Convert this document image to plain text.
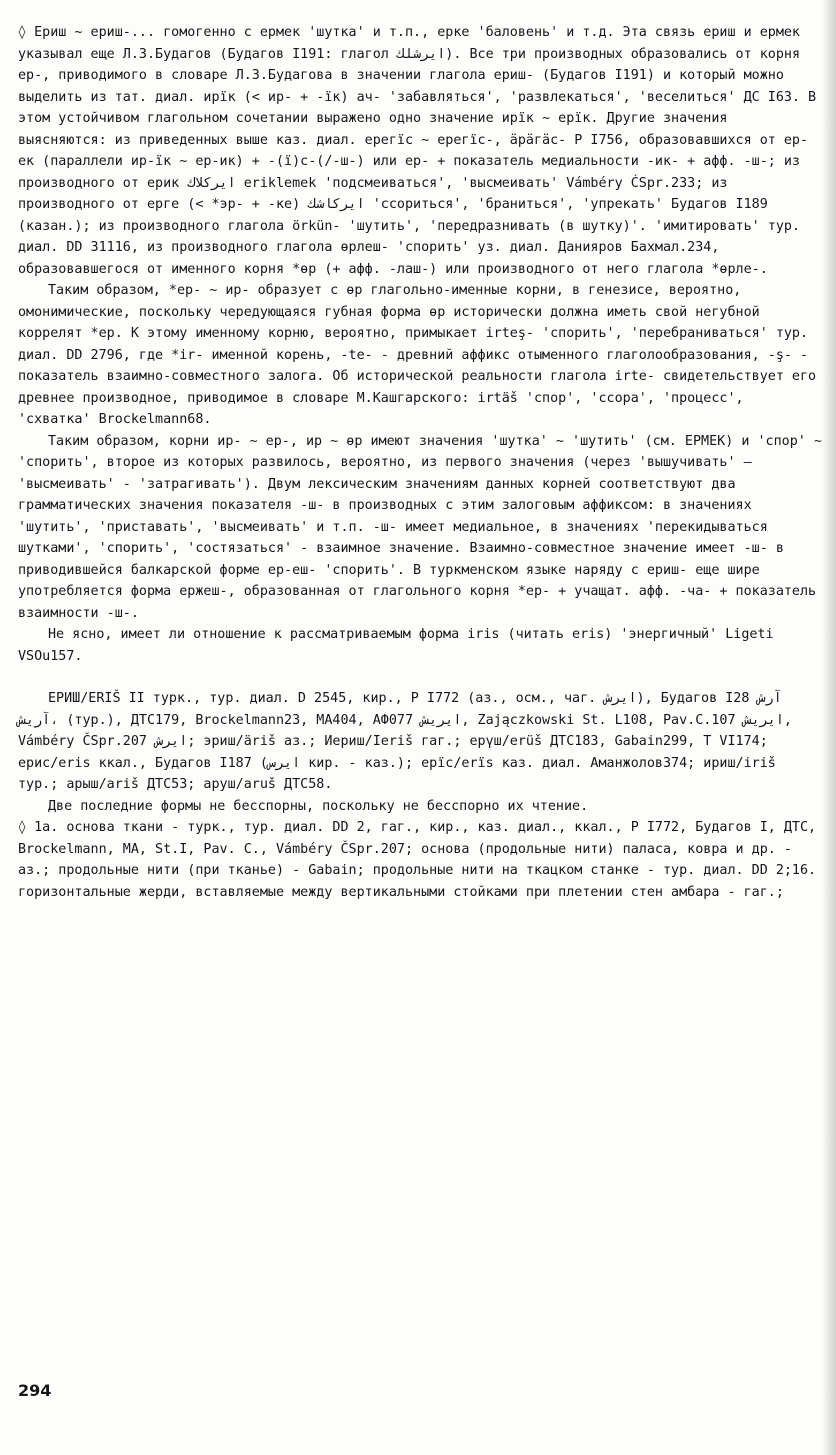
◊ Ериш ~ ериш-... гомогенно с ермек 'шутка' и т.п., ерке 'баловень' и т.д. Эта связь ериш и ермек указывал еще Л.З.Будагов (Будагов I191: глагол ايرشلك). Все три производных образовались от корня ер-, приводимого в словаре Л.З.Будагова в значении глагола ериш- (Будагов I191) и который можно выделить из тат. диал. ирїк (< ир- + -їк) ач- 'забавляться', 'развлекаться', 'веселиться' ДС I63. В этом устойчивом глагольном сочетании выражено одно значение ирїк ~ ерїк. Другие значения выясняются: из приведенных выше каз. диал. ерегїс ~ ерегїс-, ӓрӓгӓс- Р I756, образовавшихся от ер-ек (параллели ир-їк ~ ер-ик) + -(ї)с-(/-ш-) или ер- + показатель медиальности -ик- + афф. -ш-; из производного от ерик ايركلاك eriklemek 'подсмеиваться', 'высмеивать' Vámbéry ĆSpr.233; из производного от ерге (< *эр- + -ке) ايركاشك 'ссориться', 'браниться', 'упрекать' Будагов I189 (казан.); из производного глагола örkün- 'шутить', 'передразнивать (в шутку)'. 'имитировать' тур. диал. DD 31116, из производного глагола өрлеш- 'спорить' уз. диал. Данияров Бахмал.234, образовавшегося от именного корня *өр (+ афф. -лаш-) или производного от него глагола *өрле-.

Таким образом, *ер- ~ ир- образует с өр глагольно-именные корни, в генезисе, вероятно, омонимические, поскольку чередующаяся губная форма өр исторически должна иметь свой негубной коррелят *ер. К этому именному корню, вероятно, примыкает irteş- 'спорить', 'перебраниваться' тур. диал. DD 2796, где *ir- именной корень, -te- - древний аффикс отыменного глаголообразования, -ş- - показатель взаимно-совместного залога. Об исторической реальности глагола irte- свидетельствует его древнее производное, приводимое в словаре М.Кашгарского: irtäš 'спор', 'ссора', 'процесс', 'схватка' Brockelmann68.

Таким образом, корни ир- ~ ер-, ир ~ өр имеют значения 'шутка' ~ 'шутить' (см. ЕРМЕК) и 'спор' ~ 'спорить', второе из которых развилось, вероятно, из первого значения (через 'вышучивать' — 'высмеивать' - 'затрагивать'). Двум лексическим значениям данных корней соответствуют два грамматических значения показателя -ш- в производных с этим залоговым аффиксом: в значениях 'шутить', 'приставать', 'высмеивать' и т.п. -ш- имеет медиальное, в значениях 'перекидываться шутками', 'спорить', 'состязаться' - взаимное значение. Взаимно-совместное значение имеет -ш- в приводившейся балкарской форме ер-еш- 'спорить'. В туркменском языке наряду с ериш- еще шире употребляется форма ержеш-, образованная от глагольного корня *ер- + учащат. афф. -ча- + показатель взаимности -ш-.

Не ясно, имеет ли отношение к рассматриваемым форма iris (читать eris) 'энергичный' Ligeti VSOu157.

ЕРИШ/ERIŠ II турк., тур. диал. D 2545, кир., Р I772 (аз., осм., чаг. ايرش), Будагов I28 آرش ،آريش (тур.), ДТС179, Brockelmann23, МА404, АФ077 ايريش, Zajączkowski St. L108, Pav.C.107 ايريش, Vámbéry ČSpr.207 ايرش; эриш/äriš аз.; Иериш/Iеriš гаг.; ерүш/erüš ДТС183, Gabain299, Т VI174; ерис/eris ккал., Будагов I187 (ايرس кир. - каз.); ерїс/erïs каз. диал. Аманжолов374; ириш/iriš тур.; арыш/ariš ДТС53; аруш/aruš ДТС58.

Две последние формы не бесспорны, поскольку не бесспорно их чтение.

◊ 1а. основа ткани - турк., тур. диал. DD 2, гаг., кир., каз. диал., ккал., Р I772, Будагов I, ДТС, Brockelmann, МА, St.I, Pav. C., Vámbéry ČSpr.207; основа (продольные нити) паласа, ковра и др. - аз.; продольные нити (при тканье) - Gabain; продольные нити на ткацком станке - тур. диал. DD 2;16. горизонтальные жерди, вставляемые между вертикальными стойками при плетении стен амбара - гаг.;

294
